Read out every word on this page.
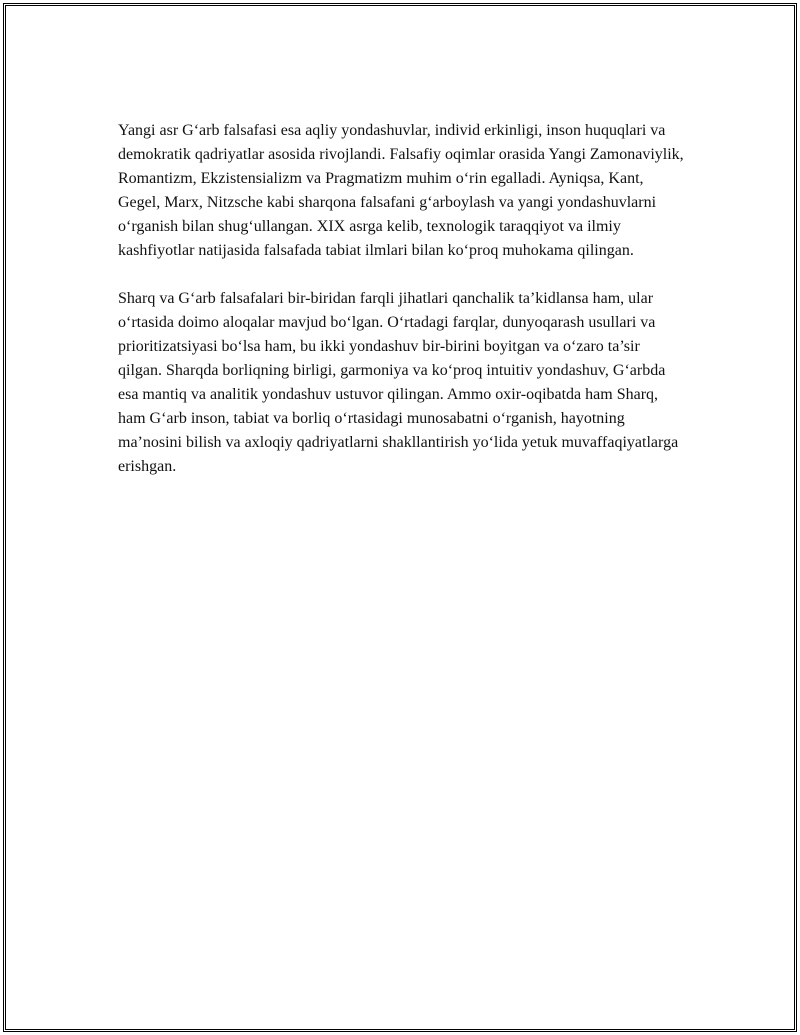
Yangi asr G‘arb falsafasi esa aqliy yondashuvlar, individ erkinligi, inson huquqlari va demokratik qadriyatlar asosida rivojlandi. Falsafiy oqimlar orasida Yangi Zamonaviylik, Romantizm, Ekzistensializm va Pragmatizm muhim o‘rin egalladi. Ayniqsa, Kant, Gegel, Marx, Nitzsche kabi sharqona falsafani g‘arboylash va yangi yondashuvlarni o‘rganish bilan shug‘ullangan. XIX asrga kelib, texnologik taraqqiyot va ilmiy kashfiyotlar natijasida falsafada tabiat ilmlari bilan ko‘proq muhokama qilingan.

Sharq va G‘arb falsafalari bir-biridan farqli jihatlari qanchalik ta’kidlansa ham, ular o‘rtasida doimo aloqalar mavjud bo‘lgan. O‘rtadagi farqlar, dunyoqarash usullari va prioritizatsiyasi bo‘lsa ham, bu ikki yondashuv bir-birini boyitgan va o‘zaro ta’sir qilgan. Sharqda borliqning birligi, garmoniya va ko‘proq intuitiv yondashuv, G‘arbda esa mantiq va analitik yondashuv ustuvor qilingan. Ammo oxir-oqibatda ham Sharq, ham G‘arb inson, tabiat va borliq o‘rtasidagi munosabatni o‘rganish, hayotning ma’nosini bilish va axloqiy qadriyatlarni shakllantirish yo‘lida yetuk muvaffaqiyatlarga erishgan.
